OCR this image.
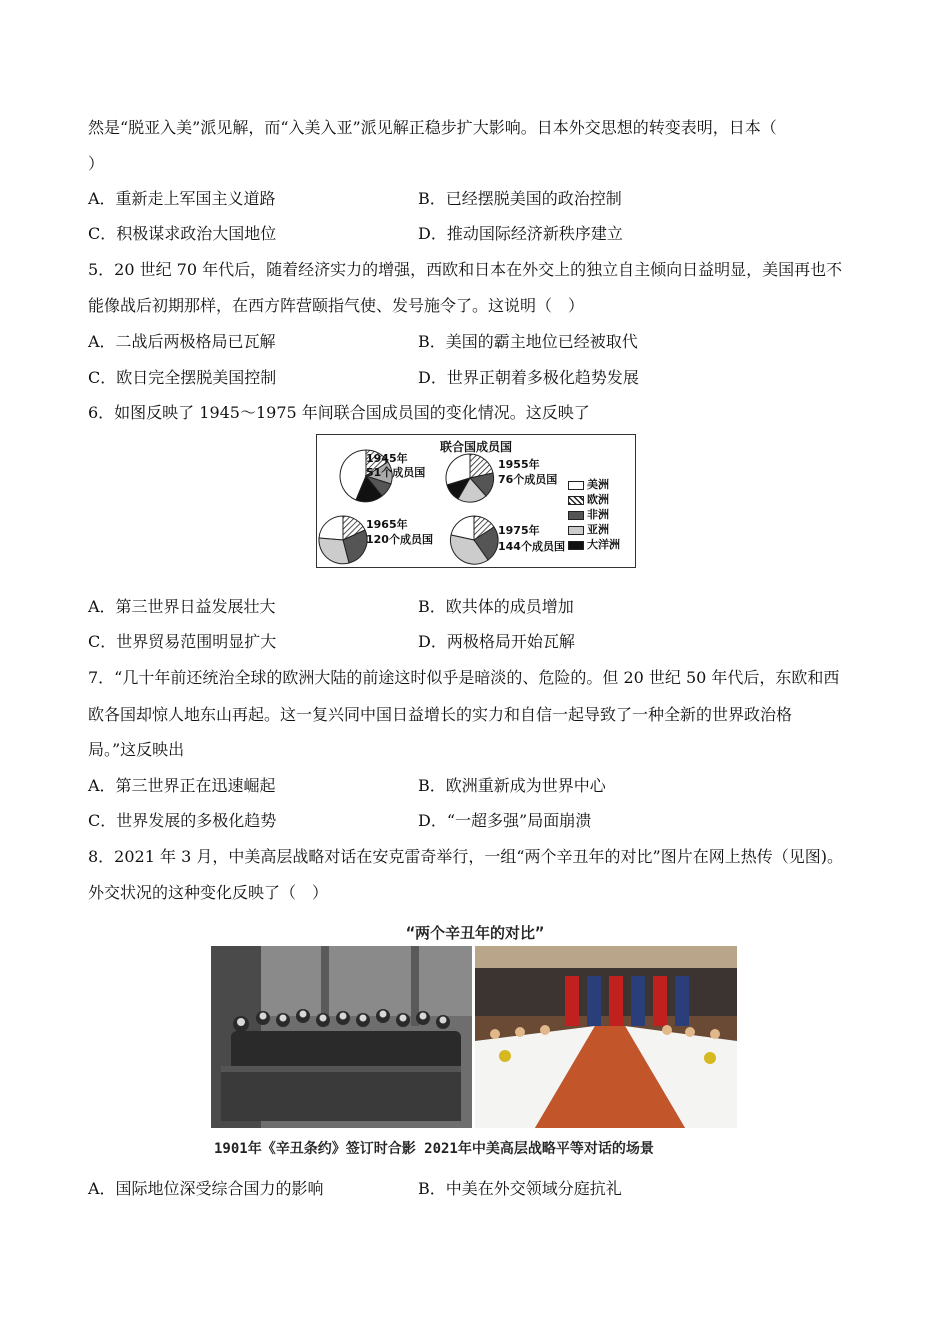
然是“脱亚入美”派见解，而“入美入亚”派见解正稳步扩大影响。日本外交思想的转变表明，日本（
）
A．重新走上军国主义道路	B．已经摆脱美国的政治控制
C．积极谋求政治大国地位	D．推动国际经济新秩序建立
5．20 世纪 70 年代后，随着经济实力的增强，西欧和日本在外交上的独立自主倾向日益明显，美国再也不
能像战后初期那样，在西方阵营颐指气使、发号施令了。这说明（　）
A．二战后两极格局已瓦解	B．美国的霸主地位已经被取代
C．欧日完全摆脱美国控制	D．世界正朝着多极化趋势发展
6．如图反映了 1945～1975 年间联合国成员国的变化情况。这反映了
联合国成员国
1945年
51个成员国
1955年
76个成员国
1965年
120个成员国
1975年
144个成员国
美洲
欧洲
非洲
亚洲
大洋洲
A．第三世界日益发展壮大	B．欧共体的成员增加
C．世界贸易范围明显扩大	D．两极格局开始瓦解
7．“几十年前还统治全球的欧洲大陆的前途这时似乎是暗淡的、危险的。但 20 世纪 50 年代后，东欧和西
欧各国却惊人地东山再起。这一复兴同中国日益增长的实力和自信一起导致了一种全新的世界政治格
局。”这反映出
A．第三世界正在迅速崛起	B．欧洲重新成为世界中心
C．世界发展的多极化趋势	D．“一超多强”局面崩溃
8．2021 年 3 月，中美高层战略对话在安克雷奇举行，一组“两个辛丑年的对比”图片在网上热传（见图)。
外交状况的这种变化反映了（　）
“两个辛丑年的对比”
1901年《辛丑条约》签订时合影 2021年中美高层战略平等对话的场景
A．国际地位深受综合国力的影响	B．中美在外交领域分庭抗礼
